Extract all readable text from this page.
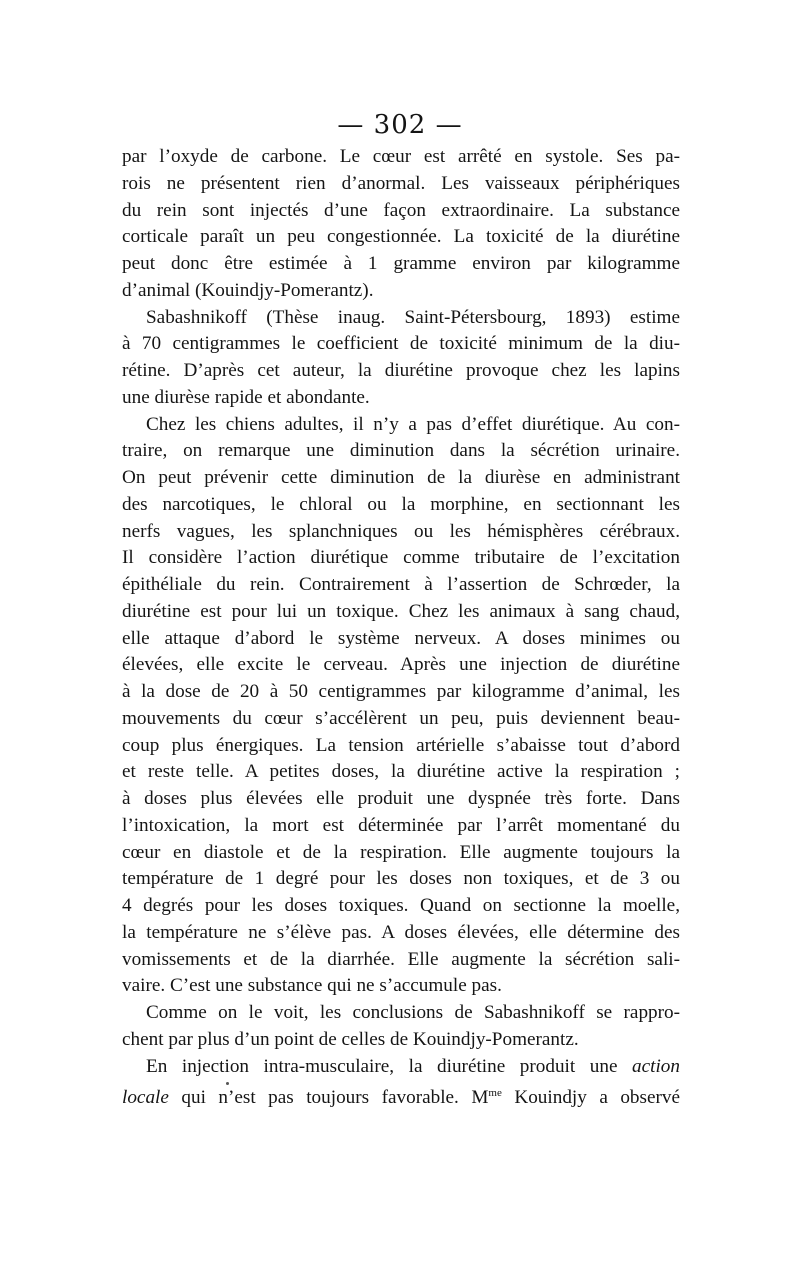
— 302 —
par l’oxyde de carbone. Le cœur est arrêté en systole. Ses pa-
rois ne présentent rien d’anormal. Les vaisseaux périphériques
du rein sont injectés d’une façon extraordinaire. La substance
corticale paraît un peu congestionnée. La toxicité de la diurétine
peut donc être estimée à 1 gramme environ par kilogramme
d’animal (Kouindjy-Pomerantz).
Sabashnikoff (Thèse inaug. Saint-Pétersbourg, 1893) estime
à 70 centigrammes le coefficient de toxicité minimum de la diu-
rétine. D’après cet auteur, la diurétine provoque chez les lapins
une diurèse rapide et abondante.
Chez les chiens adultes, il n’y a pas d’effet diurétique. Au con-
traire, on remarque une diminution dans la sécrétion urinaire.
On peut prévenir cette diminution de la diurèse en administrant
des narcotiques, le chloral ou la morphine, en sectionnant les
nerfs vagues, les splanchniques ou les hémisphères cérébraux.
Il considère l’action diurétique comme tributaire de l’excitation
épithéliale du rein. Contrairement à l’assertion de Schrœder, la
diurétine est pour lui un toxique. Chez les animaux à sang chaud,
elle attaque d’abord le système nerveux. A doses minimes ou
élevées, elle excite le cerveau. Après une injection de diurétine
à la dose de 20 à 50 centigrammes par kilogramme d’animal, les
mouvements du cœur s’accélèrent un peu, puis deviennent beau-
coup plus énergiques. La tension artérielle s’abaisse tout d’abord
et reste telle. A petites doses, la diurétine active la respiration ;
à doses plus élevées elle produit une dyspnée très forte. Dans
l’intoxication, la mort est déterminée par l’arrêt momentané du
cœur en diastole et de la respiration. Elle augmente toujours la
température de 1 degré pour les doses non toxiques, et de 3 ou
4 degrés pour les doses toxiques. Quand on sectionne la moelle,
la température ne s’élève pas. A doses élevées, elle détermine des
vomissements et de la diarrhée. Elle augmente la sécrétion sali-
vaire. C’est une substance qui ne s’accumule pas.
Comme on le voit, les conclusions de Sabashnikoff se rappro-
chent par plus d’un point de celles de Kouindjy-Pomerantz.
En injection intra-musculaire, la diurétine produit une action
locale qui n’est pas toujours favorable. $M^{me}$ Kouindjy a observé
